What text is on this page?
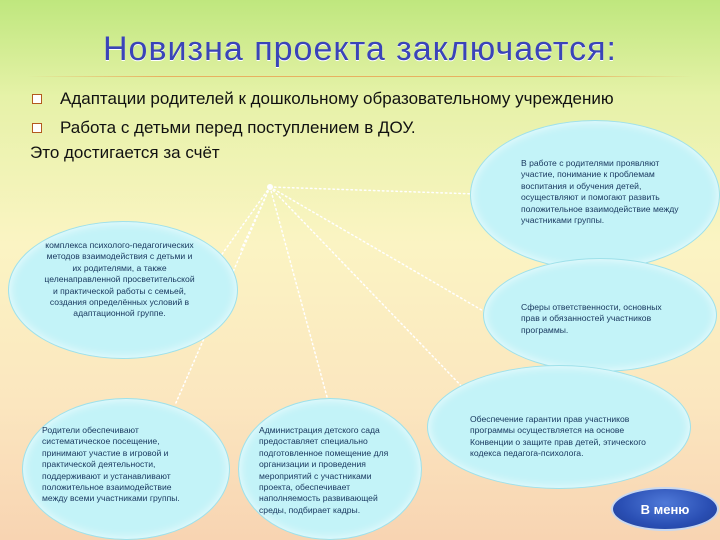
Новизна проекта заключается:
Адаптации родителей к дошкольному образовательному учреждению
Работа с детьми перед поступлением в ДОУ.
Это достигается за счёт
В работе с родителями проявляют участие, понимание к проблемам воспитания и обучения детей, осуществляют и помогают развить положительное взаимодействие между участниками группы.
комплекса психолого-педагогических методов взаимодействия с детьми и их родителями, а также целенаправленной просветительской и практической работы с семьей, создания определённых условий в адаптационной группе.
Сферы ответственности, основных прав и обязанностей участников программы.
Обеспечение гарантии прав участников программы осуществляется на основе Конвенции о защите прав детей, этического кодекса педагога-психолога.
Родители обеспечивают систематическое посещение, принимают участие в игровой и практической деятельности, поддерживают и устанавливают положительное взаимодействие между всеми участниками группы.
Администрация детского сада предоставляет специально подготовленное помещение для организации и проведения мероприятий с участниками проекта, обеспечивает наполняемость развивающей среды, подбирает кадры.	В меню
